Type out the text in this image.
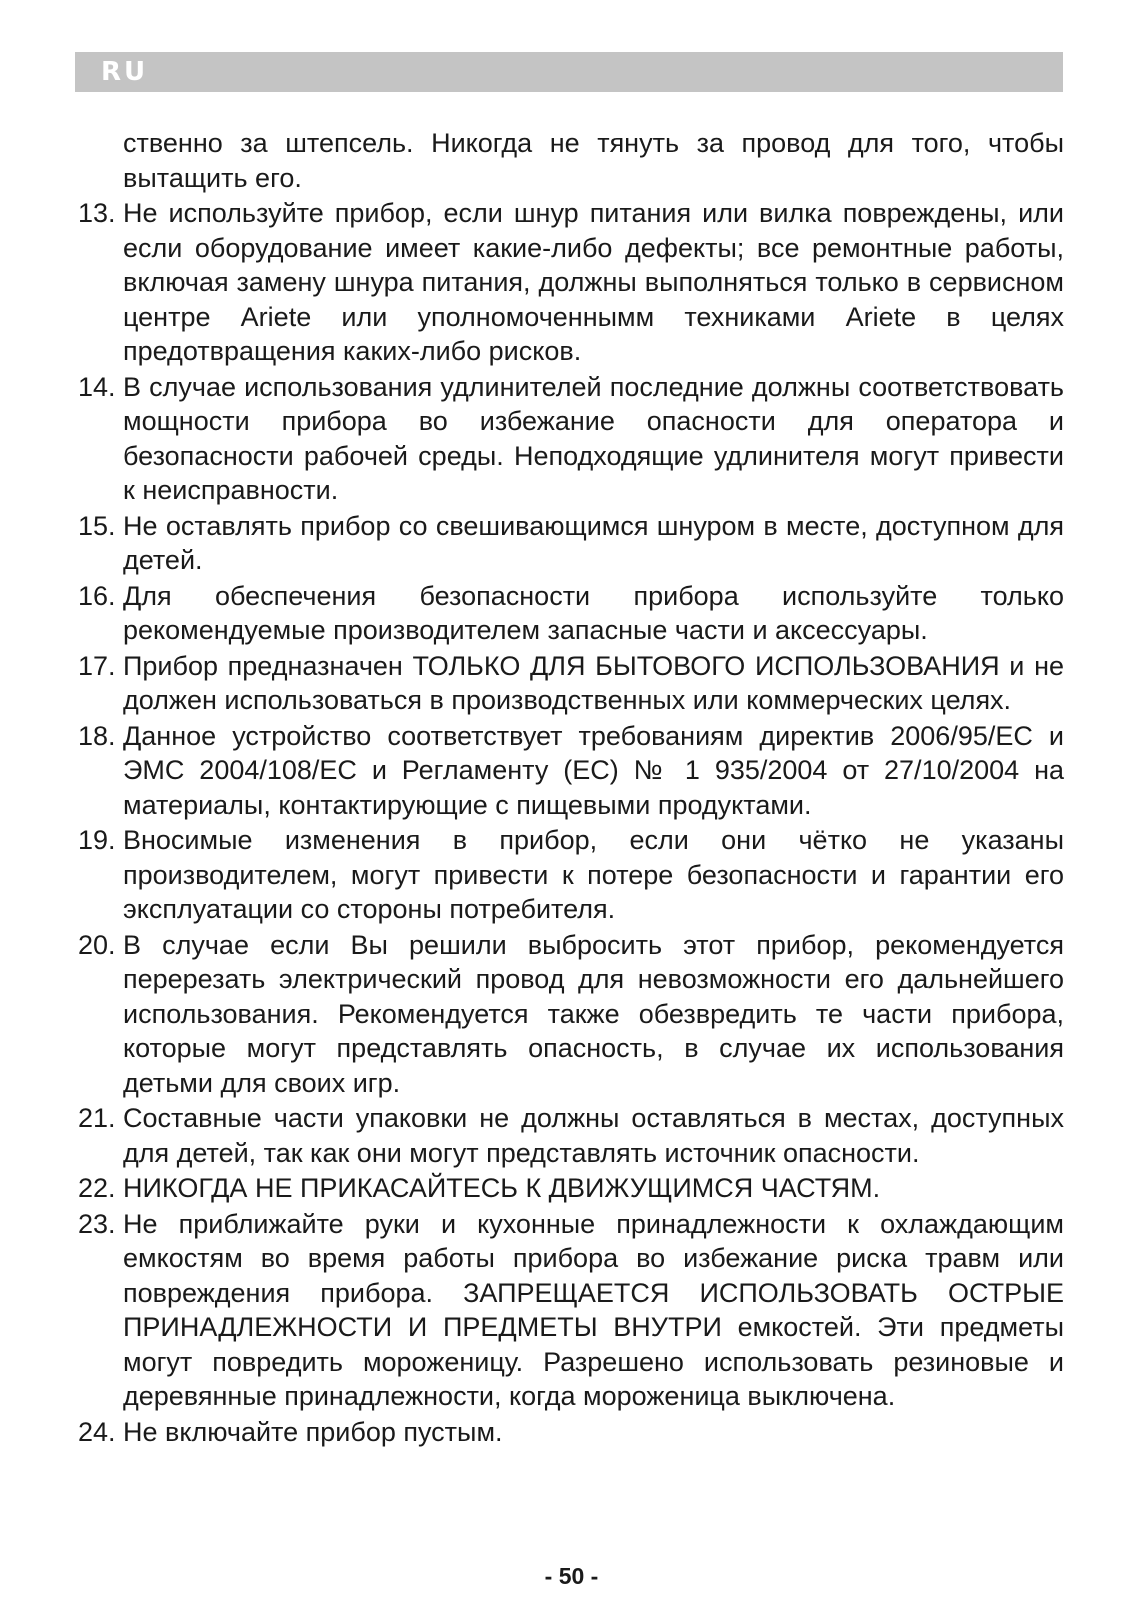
RU

ственно за штепсель. Никогда не тянуть за провод для того, чтобы вытащить его.

13. Не используйте прибор, если шнур питания или вилка повреждены, или если оборудование имеет какие-либо дефекты; все ремонтные работы, включая замену шнура питания, должны выполняться только в сервисном центре Ariete или уполномоченнымм техниками Ariete в целях предотвращения каких-либо рисков.
14. В случае использования удлинителей последние должны соответствовать мощности прибора во избежание опасности для оператора и безопасности рабочей среды. Неподходящие удлинителя могут привести к неисправности.
15. Не оставлять прибор со свешивающимся шнуром в месте, доступном для детей.
16. Для обеспечения безопасности прибора используйте только рекомендуемые производителем запасные части и аксессуары.
17. Прибор предназначен ТОЛЬКО ДЛЯ БЫТОВОГО ИСПОЛЬЗОВАНИЯ и не должен использоваться в производственных или коммерческих целях.
18. Данное устройство соответствует требованиям директив 2006/95/ЕС и ЭМС 2004/108/ЕС и Регламенту (ЕС) № 1 935/2004 от 27/10/2004 на материалы, контактирующие с пищевыми продуктами.
19. Вносимые изменения в прибор, если они чётко не указаны производителем, могут привести к потере безопасности и гарантии его эксплуатации со стороны потребителя.
20. В случае если Вы решили выбросить этот прибор, рекомендуется перерезать электрический провод для невозможности его дальнейшего использования. Рекомендуется также обезвредить те части прибора, которые могут представлять опасность, в случае их использования детьми для своих игр.
21. Составные части упаковки не должны оставляться в местах, доступных для детей, так как они могут представлять источник опасности.
22. НИКОГДА НЕ ПРИКАСАЙТЕСЬ К ДВИЖУЩИМСЯ ЧАСТЯМ.
23. Не приближайте руки и кухонные принадлежности к охлаждающим емкостям во время работы прибора во избежание риска травм или повреждения прибора. ЗАПРЕЩАЕТСЯ ИСПОЛЬЗОВАТЬ ОСТРЫЕ ПРИНАДЛЕЖНОСТИ И ПРЕДМЕТЫ ВНУТРИ емкостей. Эти предметы могут повредить мороженицу. Разрешено использовать резиновые и деревянные принадлежности, когда мороженица выключена.
24. Не включайте прибор пустым.
- 50 -
